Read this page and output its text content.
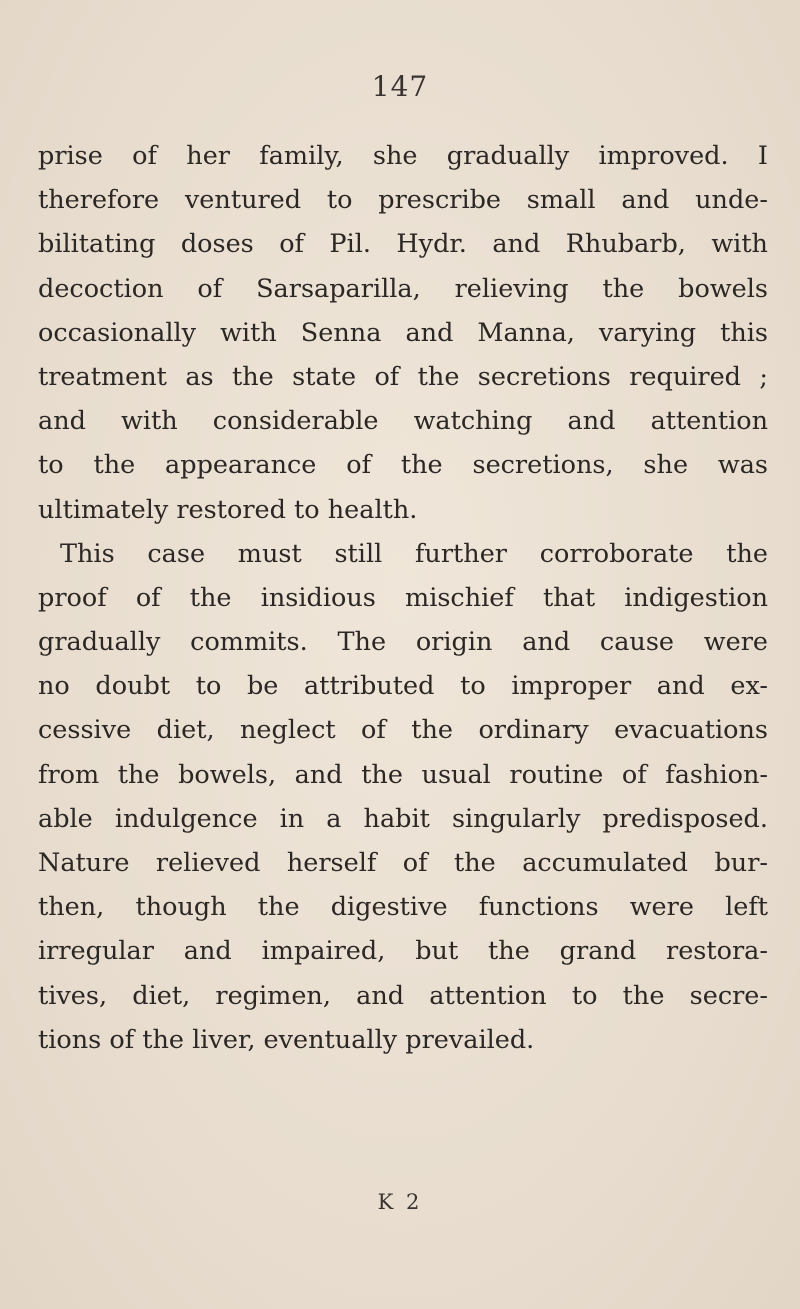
147
prise of her family, she gradually improved. I
therefore ventured to prescribe small and unde-
bilitating doses of Pil. Hydr. and Rhubarb, with
decoction of Sarsaparilla, relieving the bowels
occasionally with Senna and Manna, varying this
treatment as the state of the secretions required ;
and with considerable watching and attention
to the appearance of the secretions, she was
ultimately restored to health.
This case must still further corroborate the
proof of the insidious mischief that indigestion
gradually commits. The origin and cause were
no doubt to be attributed to improper and ex-
cessive diet, neglect of the ordinary evacuations
from the bowels, and the usual routine of fashion-
able indulgence in a habit singularly predisposed.
Nature relieved herself of the accumulated bur-
then, though the digestive functions were left
irregular and impaired, but the grand restora-
tives, diet, regimen, and attention to the secre-
tions of the liver, eventually prevailed.
K 2
